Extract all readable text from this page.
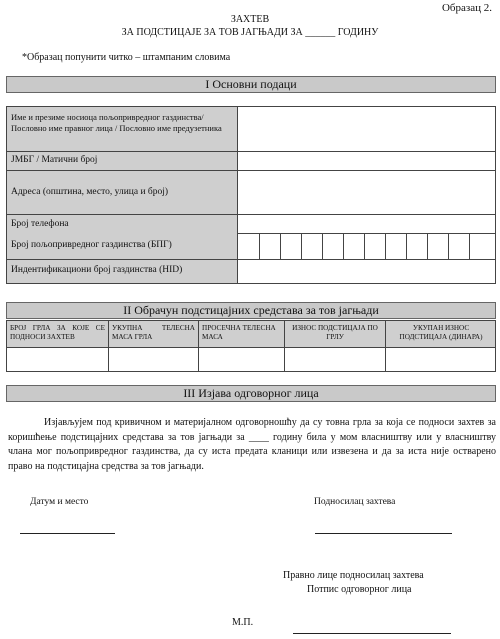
Образац 2.
ЗАХТЕВ
ЗА ПОДСТИЦАЈЕ ЗА ТОВ ЈАГЊАДИ ЗА ______ ГОДИНУ
*Образац попунити читко – штампаним словима
I Основни подаци
Име и презиме носиоца пољопривредног газдинства/ Пословно име правног лица / Пословно име предузетника
ЈМБГ / Матични број
Адреса (општина, место, улица и број)
Број телефона
Број пољопривредног газдинства (БПГ)
Индентификациони број газдинства (HID)
II Обрачун подстицајних средстава за тов јагњади
БРОЈ ГРЛА ЗА КОЈЕ СЕ ПОДНОСИ ЗАХТЕВ
УКУПНА ТЕЛЕСНА МАСА ГРЛА
ПРОСЕЧНА ТЕЛЕСНА МАСА
ИЗНОС ПОДСТИЦАЈА ПО ГРЛУ
УКУПАН ИЗНОС ПОДСТИЦАЈА (ДИНАРА)
III Изјава одговорног лица
Изјављујем под кривичном и материјалном одговорношћу да су товна грла за која се подноси захтев за коришћење подстицајних средстава за тов јагњади за ____ годину била у мом власништву или у власништву члана мог пољопривредног газдинства, да су иста предата кланици или извезена и да за иста није остварено право на подстицајна средства за тов јагњади.
Датум и место	Подносилац захтева
Правно лице подносилац захтева
Потпис одговорног лица
М.П.
